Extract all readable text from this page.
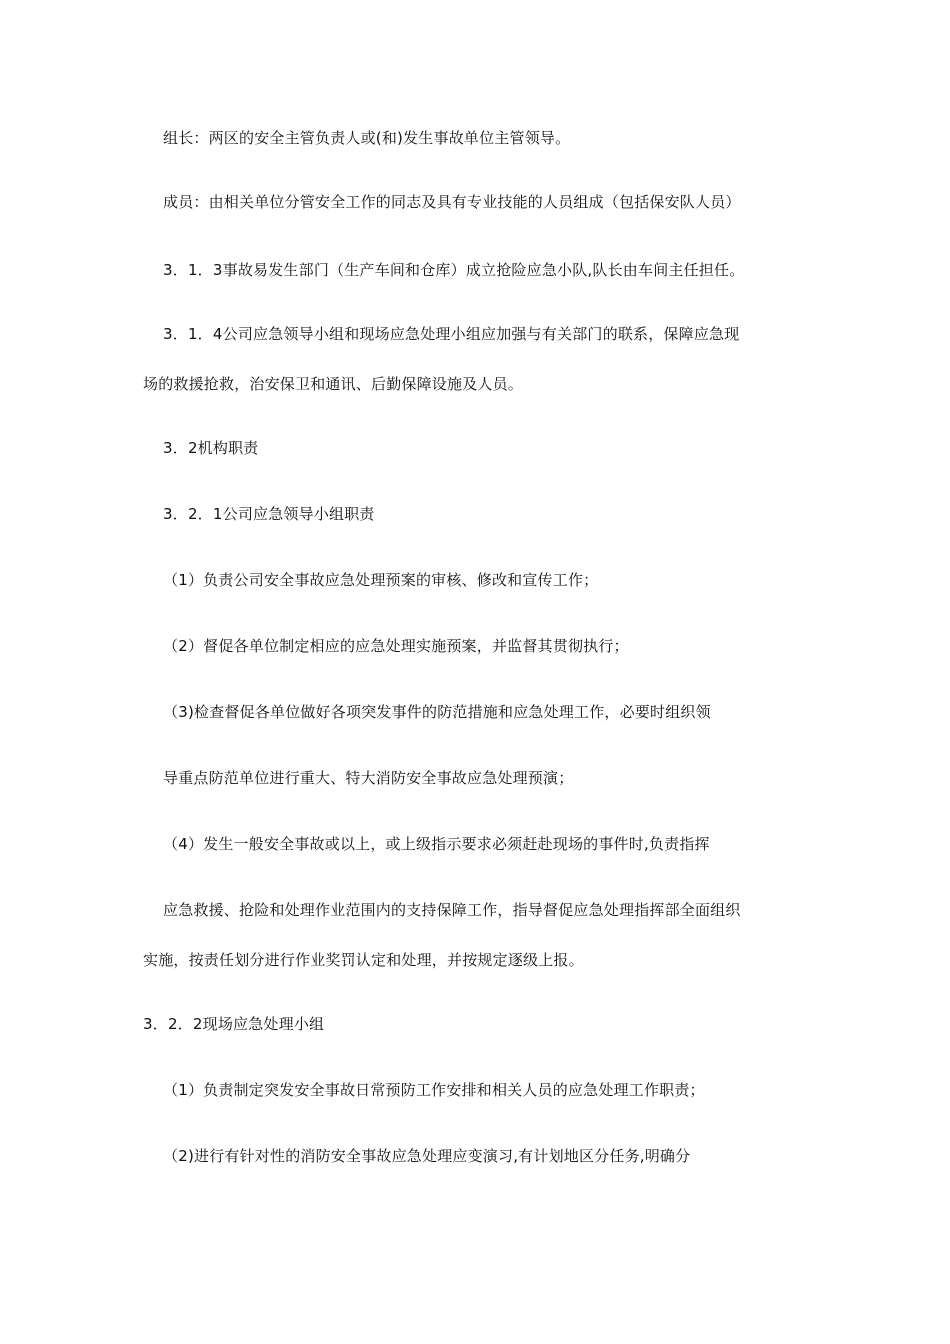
组长：两区的安全主管负责人或(和)发生事故单位主管领导。
成员：由相关单位分管安全工作的同志及具有专业技能的人员组成（包括保安队人员）
3．1．3事故易发生部门（生产车间和仓库）成立抢险应急小队,队长由车间主任担任。
3．1．4公司应急领导小组和现场应急处理小组应加强与有关部门的联系，保障应急现
场的救援抢救，治安保卫和通讯、后勤保障设施及人员。
3．2机构职责
3．2．1公司应急领导小组职责
（1）负责公司安全事故应急处理预案的审核、修改和宣传工作；
（2）督促各单位制定相应的应急处理实施预案，并监督其贯彻执行；
（3)检查督促各单位做好各项突发事件的防范措施和应急处理工作，必要时组织领
导重点防范单位进行重大、特大消防安全事故应急处理预演；
（4）发生一般安全事故或以上，或上级指示要求必须赶赴现场的事件时,负责指挥
应急救援、抢险和处理作业范围内的支持保障工作，指导督促应急处理指挥部全面组织
实施，按责任划分进行作业奖罚认定和处理，并按规定逐级上报。
3．2．2现场应急处理小组
（1）负责制定突发安全事故日常预防工作安排和相关人员的应急处理工作职责；
（2)进行有针对性的消防安全事故应急处理应变演习,有计划地区分任务,明确分
